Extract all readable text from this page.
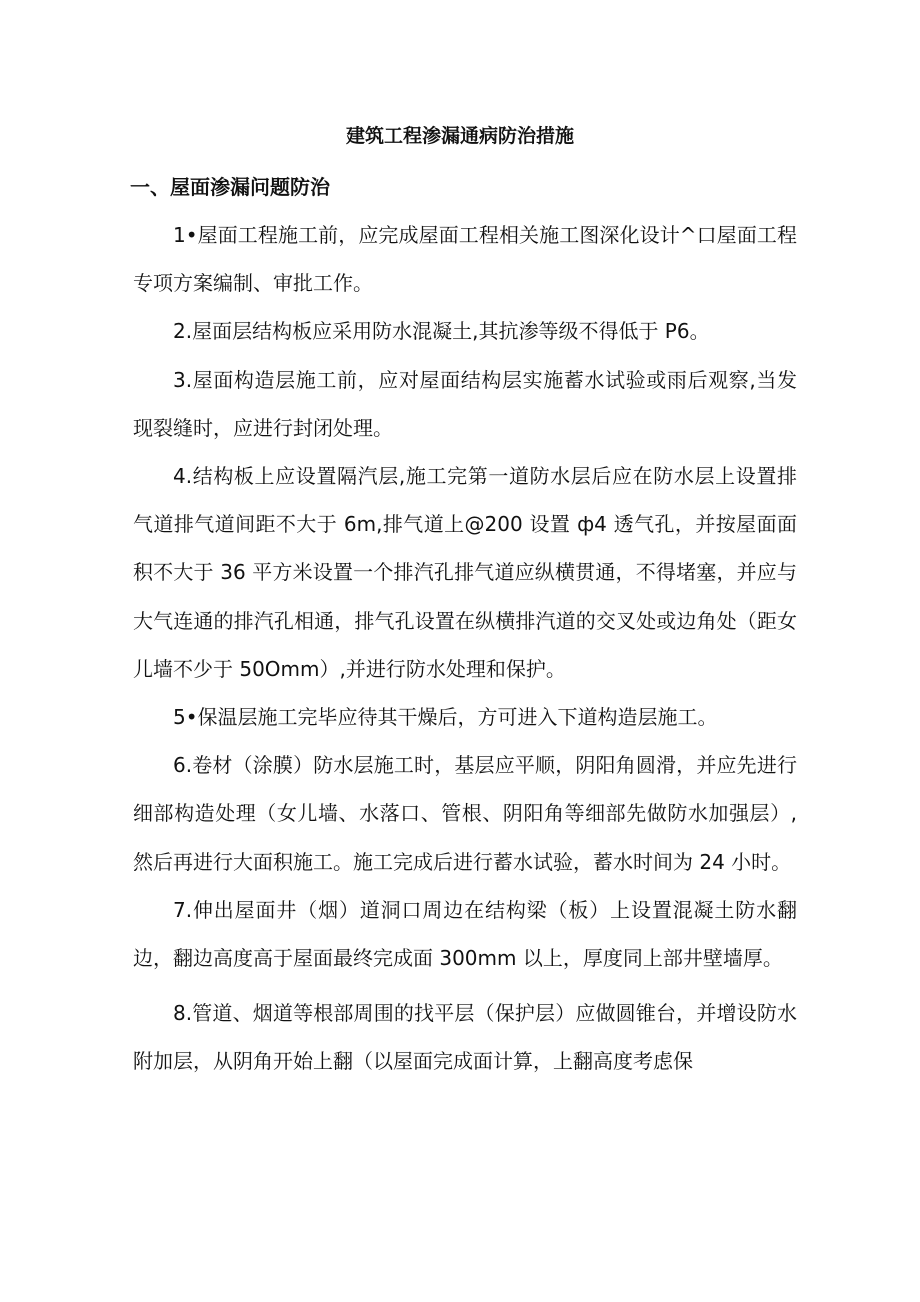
建筑工程渗漏通病防治措施
一、屋面渗漏问题防治

1•屋面工程施工前，应完成屋面工程相关施工图深化设计^口屋面工程专项方案编制、审批工作。

2.屋面层结构板应采用防水混凝土,其抗渗等级不得低于 P6。

3.屋面构造层施工前，应对屋面结构层实施蓄水试验或雨后观察,当发现裂缝时，应进行封闭处理。

4.结构板上应设置隔汽层,施工完第一道防水层后应在防水层上设置排气道排气道间距不大于 6m,排气道上@200 设置 ф4 透气孔，并按屋面面积不大于 36 平方米设置一个排汽孔排气道应纵横贯通，不得堵塞，并应与大气连通的排汽孔相通，排气孔设置在纵横排汽道的交叉处或边角处（距女儿墙不少于 50Omm）,并进行防水处理和保护。

5•保温层施工完毕应待其干燥后，方可进入下道构造层施工。

6.卷材（涂膜）防水层施工时，基层应平顺，阴阳角圆滑，并应先进行细部构造处理（女儿墙、水落口、管根、阴阳角等细部先做防水加强层）,然后再进行大面积施工。施工完成后进行蓄水试验，蓄水时间为 24 小时。

7.伸出屋面井（烟）道洞口周边在结构梁（板）上设置混凝土防水翻边，翻边高度高于屋面最终完成面 300mm 以上，厚度同上部井壁墙厚。

8.管道、烟道等根部周围的找平层（保护层）应做圆锥台，并增设防水附加层，从阴角开始上翻（以屋面完成面计算，上翻高度考虑保
